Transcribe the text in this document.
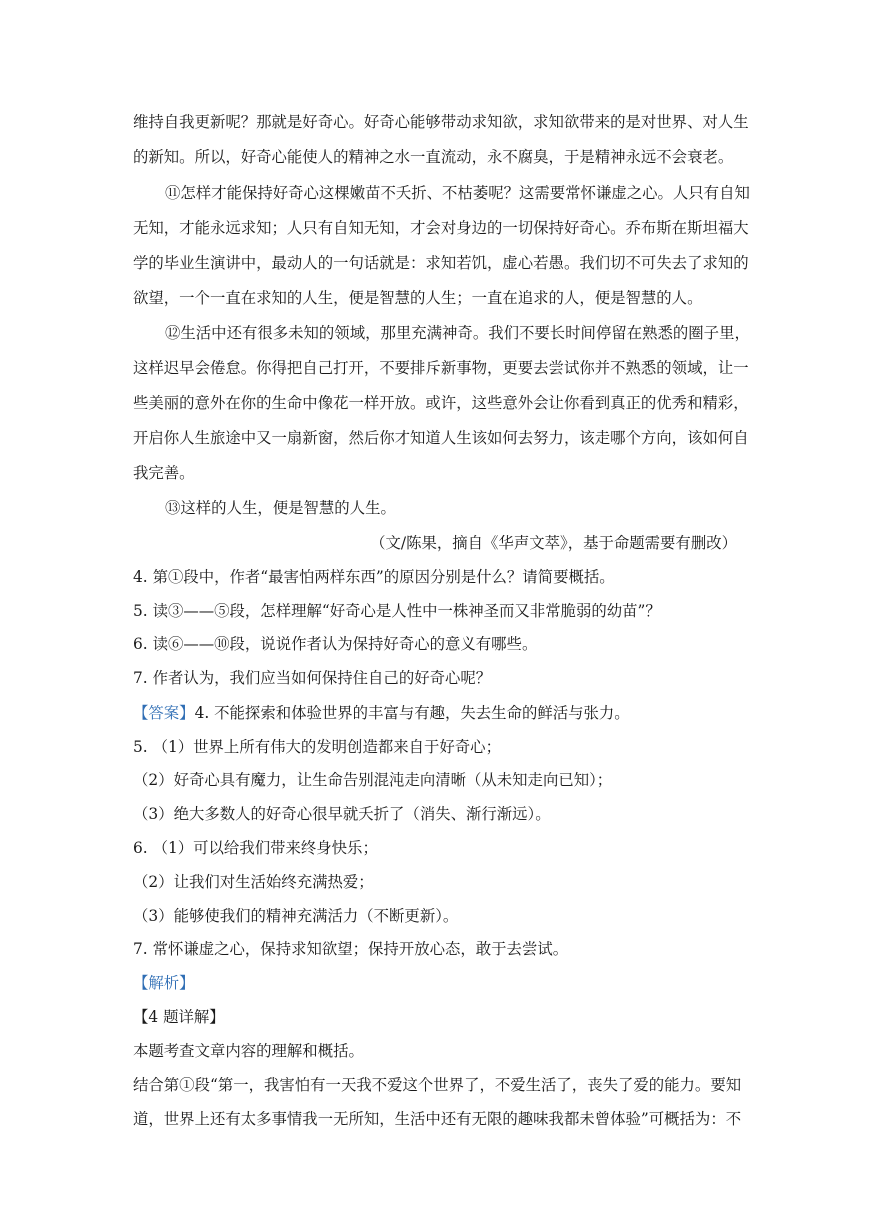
维持自我更新呢？那就是好奇心。好奇心能够带动求知欲，求知欲带来的是对世界、对人生
的新知。所以，好奇心能使人的精神之水一直流动，永不腐臭，于是精神永远不会衰老。
⑪怎样才能保持好奇心这棵嫩苗不夭折、不枯萎呢？这需要常怀谦虚之心。人只有自知
无知，才能永远求知；人只有自知无知，才会对身边的一切保持好奇心。乔布斯在斯坦福大
学的毕业生演讲中，最动人的一句话就是：求知若饥，虚心若愚。我们切不可失去了求知的
欲望，一个一直在求知的人生，便是智慧的人生；一直在追求的人，便是智慧的人。
⑫生活中还有很多未知的领域，那里充满神奇。我们不要长时间停留在熟悉的圈子里，
这样迟早会倦怠。你得把自己打开，不要排斥新事物，更要去尝试你并不熟悉的领域，让一
些美丽的意外在你的生命中像花一样开放。或许，这些意外会让你看到真正的优秀和精彩，
开启你人生旅途中又一扇新窗，然后你才知道人生该如何去努力，该走哪个方向，该如何自
我完善。
⑬这样的人生，便是智慧的人生。
（文/陈果，摘自《华声文萃》，基于命题需要有删改）
4. 第①段中，作者“最害怕两样东西”的原因分别是什么？请简要概括。
5. 读③——⑤段，怎样理解“好奇心是人性中一株神圣而又非常脆弱的幼苗”？
6. 读⑥——⑩段，说说作者认为保持好奇心的意义有哪些。
7. 作者认为，我们应当如何保持住自己的好奇心呢？
【答案】4. 不能探索和体验世界的丰富与有趣，失去生命的鲜活与张力。
5. （1）世界上所有伟大的发明创造都来自于好奇心；
（2）好奇心具有魔力，让生命告别混沌走向清晰（从未知走向已知）；
（3）绝大多数人的好奇心很早就夭折了（消失、渐行渐远）。
6. （1）可以给我们带来终身快乐；
（2）让我们对生活始终充满热爱；
（3）能够使我们的精神充满活力（不断更新）。
7. 常怀谦虚之心，保持求知欲望；保持开放心态，敢于去尝试。
【解析】
【4 题详解】
本题考查文章内容的理解和概括。
结合第①段“第一，我害怕有一天我不爱这个世界了，不爱生活了，丧失了爱的能力。要知
道，世界上还有太多事情我一无所知，生活中还有无限的趣味我都未曾体验”可概括为：不
